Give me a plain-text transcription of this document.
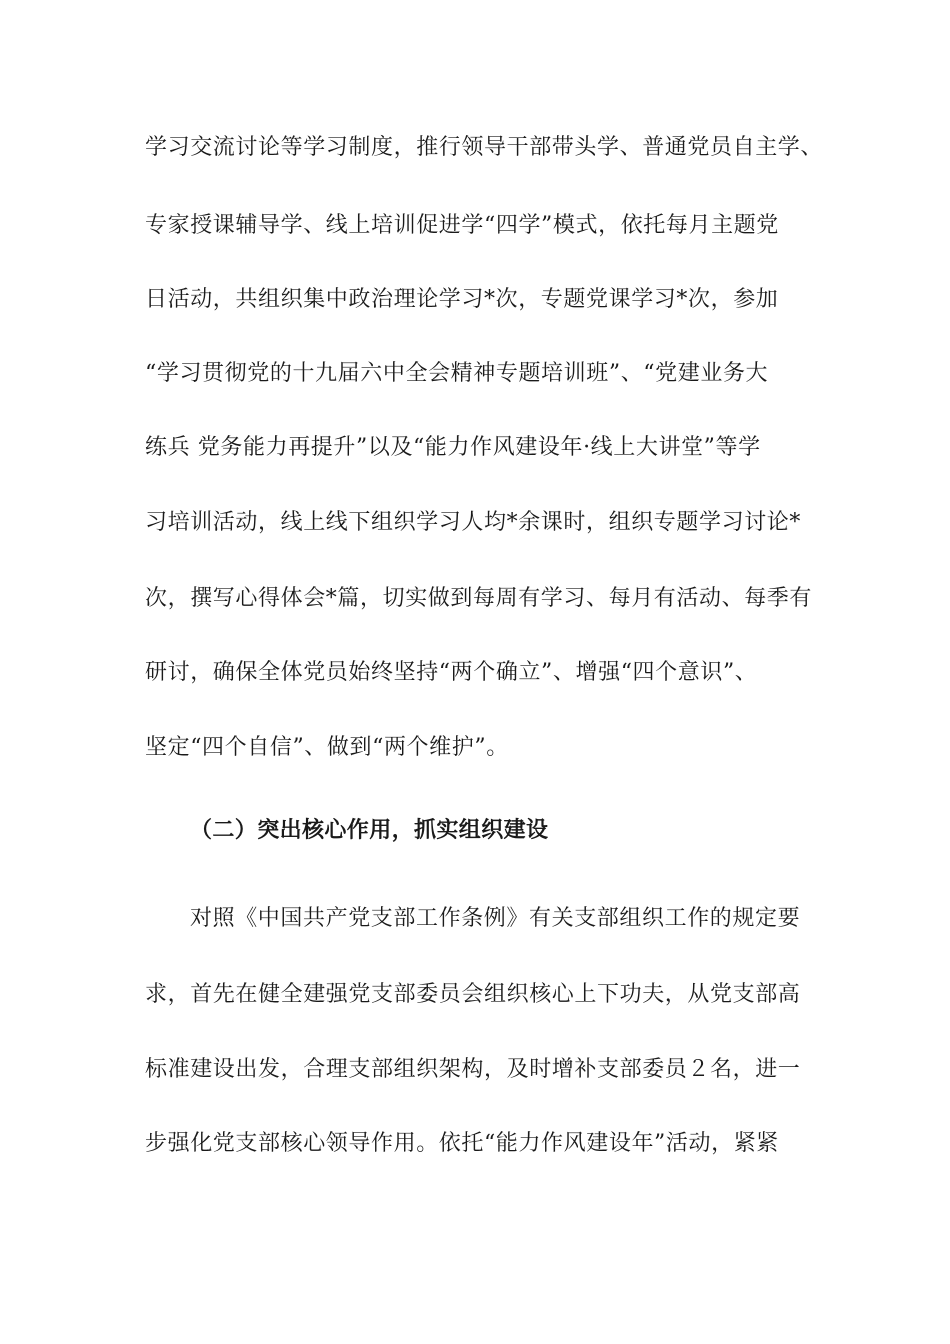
学习交流讨论等学习制度，推行领导干部带头学、普通党员自主学、
专家授课辅导学、线上培训促进学“四学”模式，依托每月主题党
日活动，共组织集中政治理论学习*次，专题党课学习*次，参加
“学习贯彻党的十九届六中全会精神专题培训班”、“党建业务大
练兵 党务能力再提升”以及“能力作风建设年·线上大讲堂”等学
习培训活动，线上线下组织学习人均*余课时，组织专题学习讨论*
次，撰写心得体会*篇，切实做到每周有学习、每月有活动、每季有
研讨，确保全体党员始终坚持“两个确立”、增强“四个意识”、
坚定“四个自信”、做到“两个维护”。
（二）突出核心作用，抓实组织建设
对照《中国共产党支部工作条例》有关支部组织工作的规定要
求，首先在健全建强党支部委员会组织核心上下功夫，从党支部高
标准建设出发，合理支部组织架构，及时增补支部委员２名，进一
步强化党支部核心领导作用。依托“能力作风建设年”活动，紧紧
